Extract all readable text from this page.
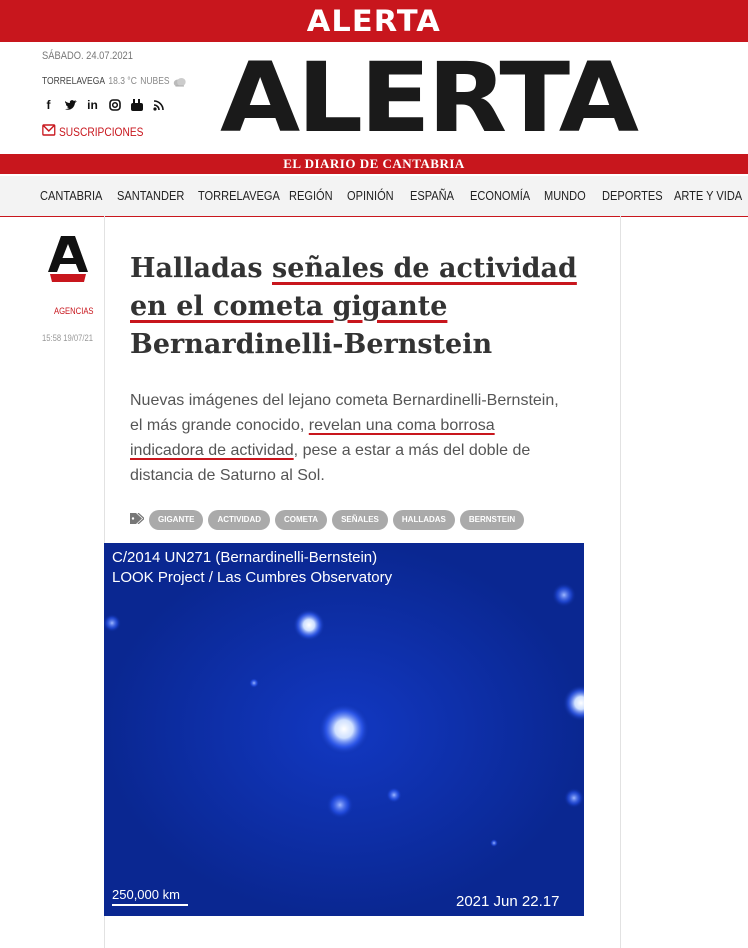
ALERTA
SÁBADO. 24.07.2021
TORRELAVEGA 18.3 °C NUBES
f	in
SUSCRIPCIONES ALERTA
EL DIARIO DE CANTABRIA
CANTABRIA SANTANDER TORRELAVEGA REGIÓN OPINIÓN ESPAÑA ECONOMÍA MUNDO DEPORTES ARTE Y VIDA
AGENCIAS
15:58 19/07/21
Halladas señales de actividad
en el cometa gigante
Bernardinelli-Bernstein

Nuevas imágenes del lejano cometa Bernardinelli-Bernstein,
el más grande conocido, revelan una coma borrosa
indicadora de actividad, pese a estar a más del doble de
distancia de Saturno al Sol.

GIGANTE	ACTIVIDAD	COMETA	SEÑALES	HALLADAS	BERNSTEIN
C/2014 UN271 (Bernardinelli-Bernstein)
LOOK Project / Las Cumbres Observatory
250,000 km	2021 Jun 22.17
